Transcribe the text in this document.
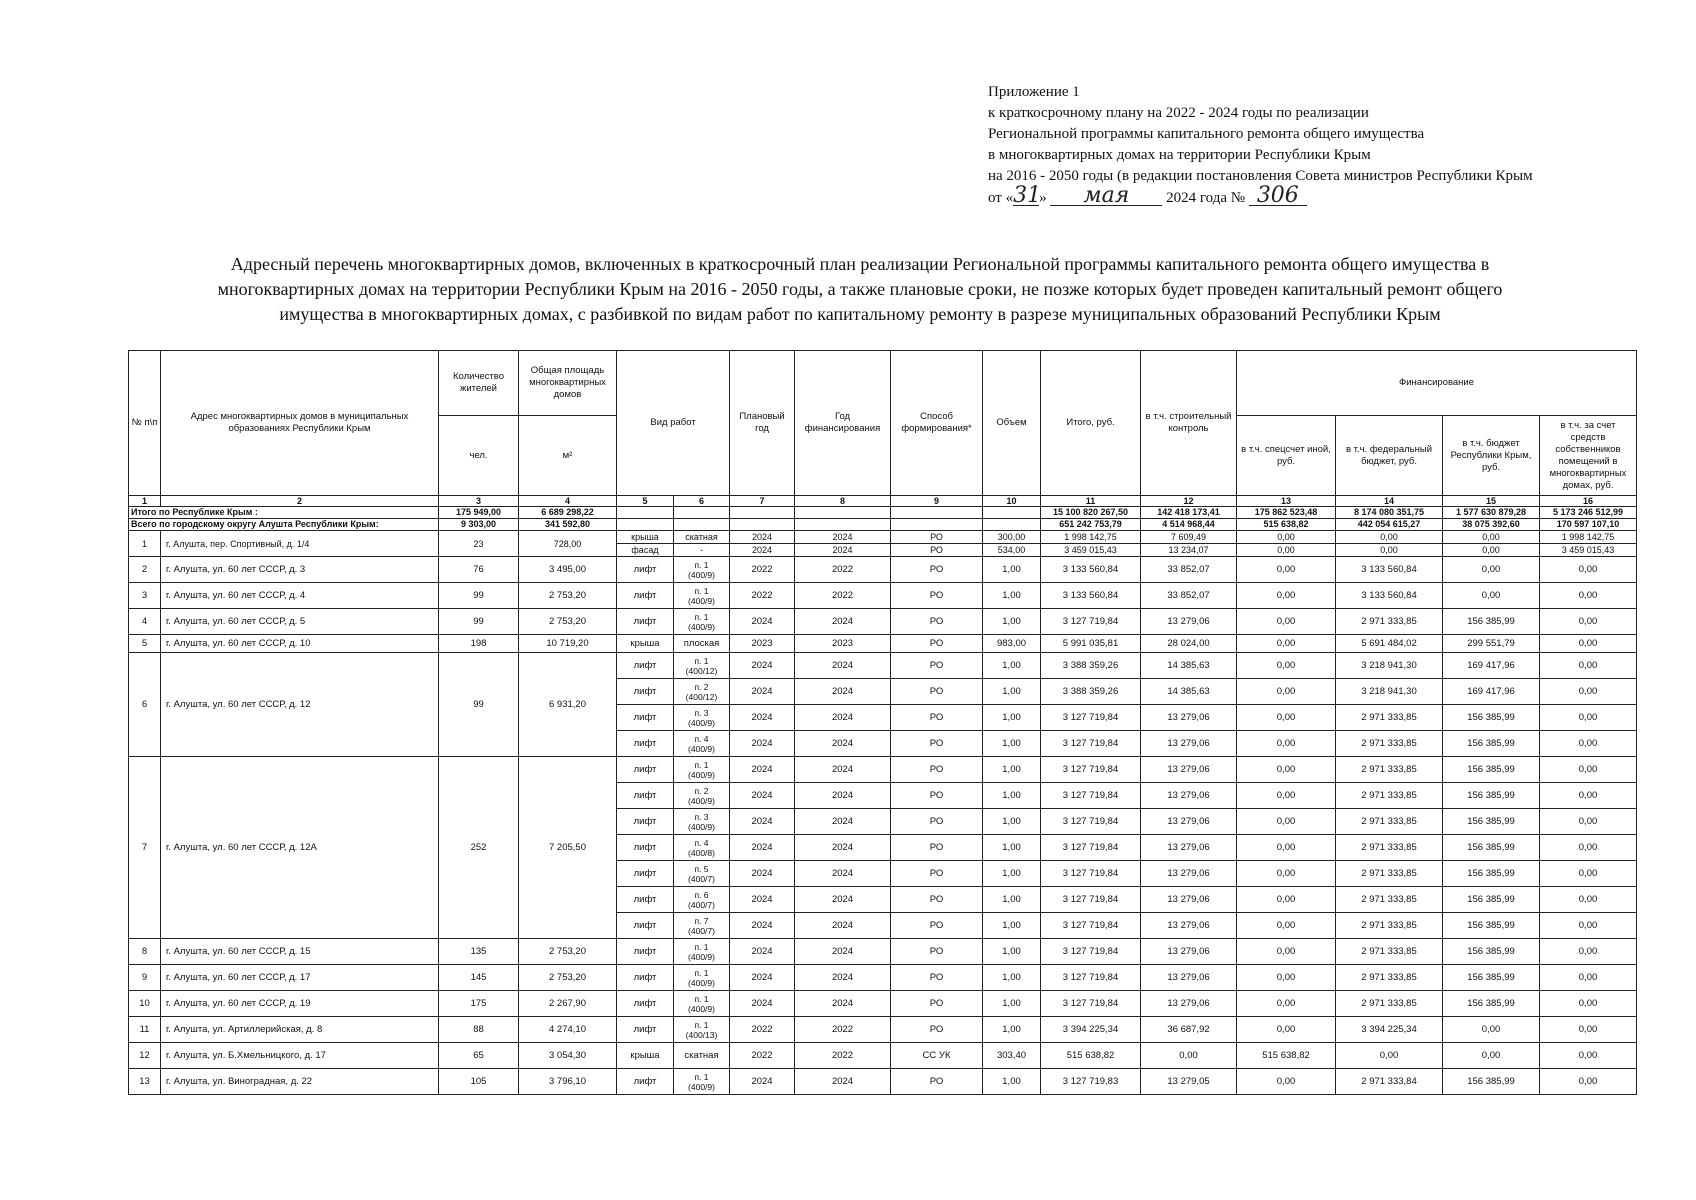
Приложение 1
к краткосрочному плану на 2022 - 2024 годы по реализации
Региональной программы капитального ремонта общего имущества
в многоквартирных домах на территории Республики Крым
на 2016 - 2050 годы (в редакции постановления Совета министров Республики Крым
от «31» мая 2024 года № 306
Адресный перечень многоквартирных домов, включенных в краткосрочный план реализации Региональной программы капитального ремонта общего имущества в
многоквартирных домах на территории Республики Крым на 2016 - 2050 годы, а также плановые сроки, не позже которых будет проведен капитальный ремонт общего
имущества в многоквартирных домах, с разбивкой по видам работ по капитальному ремонту в разрезе муниципальных образований Республики Крым
№ п\п	Адрес многоквартирных домов в муниципальных образованиях Республики Крым	Количество жителей	Общая площадь многоквартирных домов	Вид работ		Плановый год	Год финансирования	Способ формирования*	Объем	Итого, руб.	в т.ч. строительный контроль	Финансирование			
		чел.	м²									в т.ч. спецсчет иной, руб.	в т.ч. федеральный бюджет, руб.	в т.ч. бюджет Республики Крым, руб.	в т.ч. за счет средств собственников помещений в многоквартирных домах, руб.
1	2	3	4	5	6	7	8	9	10	11	12	13	14	15	16
Итого по Республике Крым :		175 949,00	6 689 298,22							15 100 820 267,50	142 418 173,41	175 862 523,48	8 174 080 351,75	1 577 630 879,28	5 173 246 512,99
Всего по городскому округу Алушта Республики Крым:		9 303,00	341 592,80							651 242 753,79	4 514 968,44	515 638,82	442 054 615,27	38 075 392,60	170 597 107,10
1	г. Алушта, пер. Спортивный, д. 1/4	23	728,00	крыша	скатная	2024	2024	РО	300,00	1 998 142,75	7 609,49	0,00	0,00	0,00	1 998 142,75
				фасад	-	2024	2024	РО	534,00	3 459 015,43	13 234,07	0,00	0,00	0,00	3 459 015,43
2	г. Алушта, ул. 60 лет СССР, д. 3	76	3 495,00	лифт	п. 1
(400/9)	2022	2022	РО	1,00	3 133 560,84	33 852,07	0,00	3 133 560,84	0,00	0,00
3	г. Алушта, ул. 60 лет СССР, д. 4	99	2 753,20	лифт	п. 1
(400/9)	2022	2022	РО	1,00	3 133 560,84	33 852,07	0,00	3 133 560,84	0,00	0,00
4	г. Алушта, ул. 60 лет СССР, д. 5	99	2 753,20	лифт	п. 1
(400/9)	2024	2024	РО	1,00	3 127 719,84	13 279,06	0,00	2 971 333,85	156 385,99	0,00
5	г. Алушта, ул. 60 лет СССР, д. 10	198	10 719,20	крыша	плоская	2023	2023	РО	983,00	5 991 035,81	28 024,00	0,00	5 691 484,02	299 551,79	0,00
6	г. Алушта, ул. 60 лет СССР, д. 12	99	6 931,20	лифт	п. 1
(400/12)	2024	2024	РО	1,00	3 388 359,26	14 385,63	0,00	3 218 941,30	169 417,96	0,00
				лифт	п. 2
(400/12)	2024	2024	РО	1,00	3 388 359,26	14 385,63	0,00	3 218 941,30	169 417,96	0,00
				лифт	п. 3
(400/9)	2024	2024	РО	1,00	3 127 719,84	13 279,06	0,00	2 971 333,85	156 385,99	0,00
				лифт	п. 4
(400/9)	2024	2024	РО	1,00	3 127 719,84	13 279,06	0,00	2 971 333,85	156 385,99	0,00
7	г. Алушта, ул. 60 лет СССР, д. 12А	252	7 205,50	лифт	п. 1
(400/9)	2024	2024	РО	1,00	3 127 719,84	13 279,06	0,00	2 971 333,85	156 385,99	0,00
				лифт	п. 2
(400/9)	2024	2024	РО	1,00	3 127 719,84	13 279,06	0,00	2 971 333,85	156 385,99	0,00
				лифт	п. 3
(400/9)	2024	2024	РО	1,00	3 127 719,84	13 279,06	0,00	2 971 333,85	156 385,99	0,00
				лифт	п. 4
(400/8)	2024	2024	РО	1,00	3 127 719,84	13 279,06	0,00	2 971 333,85	156 385,99	0,00
				лифт	п. 5
(400/7)	2024	2024	РО	1,00	3 127 719,84	13 279,06	0,00	2 971 333,85	156 385,99	0,00
				лифт	п. 6
(400/7)	2024	2024	РО	1,00	3 127 719,84	13 279,06	0,00	2 971 333,85	156 385,99	0,00
				лифт	п. 7
(400/7)	2024	2024	РО	1,00	3 127 719,84	13 279,06	0,00	2 971 333,85	156 385,99	0,00
8	г. Алушта, ул. 60 лет СССР, д. 15	135	2 753,20	лифт	п. 1
(400/9)	2024	2024	РО	1,00	3 127 719,84	13 279,06	0,00	2 971 333,85	156 385,99	0,00
9	г. Алушта, ул. 60 лет СССР, д. 17	145	2 753,20	лифт	п. 1
(400/9)	2024	2024	РО	1,00	3 127 719,84	13 279,06	0,00	2 971 333,85	156 385,99	0,00
10	г. Алушта, ул. 60 лет СССР, д. 19	175	2 267,90	лифт	п. 1
(400/9)	2024	2024	РО	1,00	3 127 719,84	13 279,06	0,00	2 971 333,85	156 385,99	0,00
11	г. Алушта, ул. Артиллерийская, д. 8	88	4 274,10	лифт	п. 1
(400/13)	2022	2022	РО	1,00	3 394 225,34	36 687,92	0,00	3 394 225,34	0,00	0,00
12	г. Алушта, ул. Б.Хмельницкого, д. 17	65	3 054,30	крыша	скатная	2022	2022	СС УК	303,40	515 638,82	0,00	515 638,82	0,00	0,00	0,00
13	г. Алушта, ул. Виноградная, д. 22	105	3 796,10	лифт	п. 1
(400/9)	2024	2024	РО	1,00	3 127 719,83	13 279,05	0,00	2 971 333,84	156 385,99	0,00
